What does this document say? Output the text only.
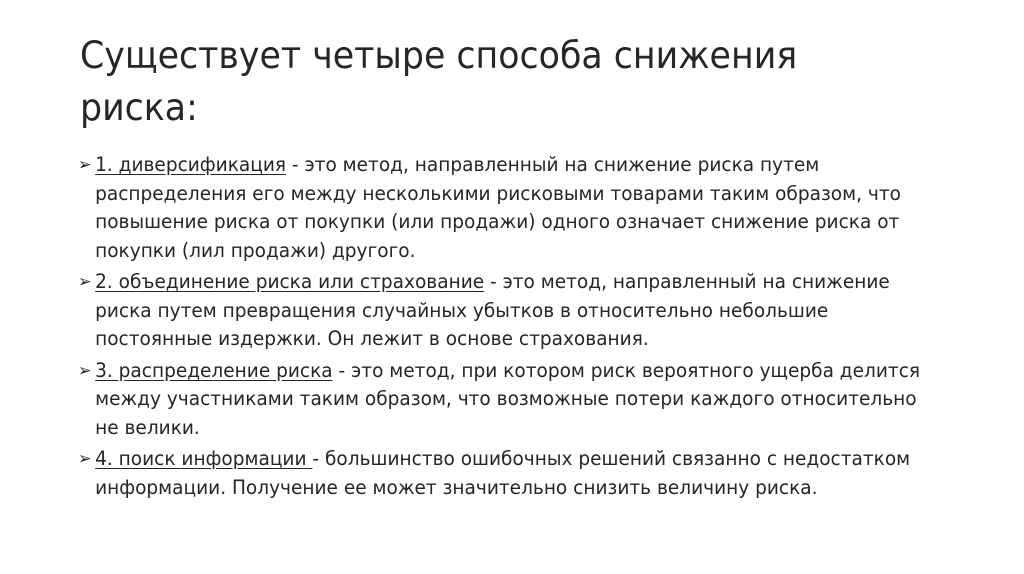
Существует четыре способа снижения риска:
➢ 1. диверсификация - это метод, направленный на снижение риска путем распределения его между несколькими рисковыми товарами таким образом, что повышение риска от покупки (или продажи) одного означает снижение риска от покупки (лил продажи) другого.
➢ 2. объединение риска или страхование - это метод, направленный на снижение риска путем превращения случайных убытков в относительно небольшие постоянные издержки. Он лежит в основе страхования.
➢ 3. распределение риска - это метод, при котором риск вероятного ущерба делится между участниками таким образом, что возможные потери каждого относительно не велики.
➢ 4. поиск информации - большинство ошибочных решений связанно с недостатком информации. Получение ее может значительно снизить величину риска.
